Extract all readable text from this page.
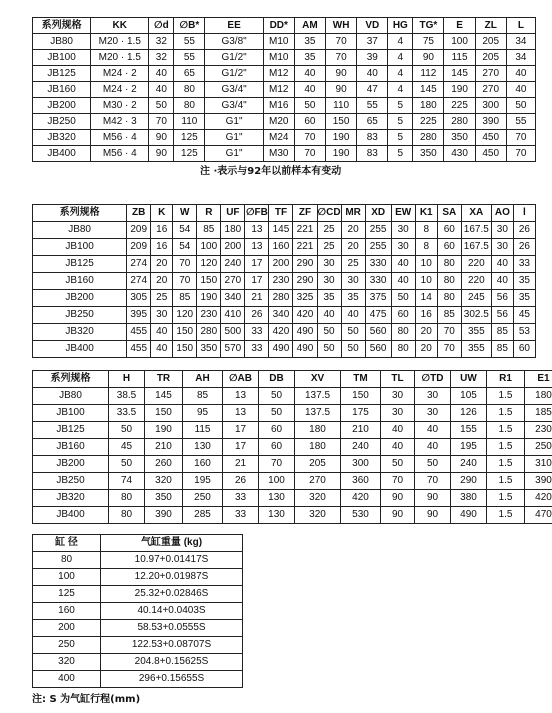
系列规格	KK	∅d	∅B*	EE	DD*	AM	WH	VD	HG	TG*	E	ZL	L
JB80	M20 · 1.5	32	55	G3/8"	M10	35	70	37	4	75	100	205	34
JB100	M20 · 1.5	32	55	G1/2"	M10	35	70	39	4	90	115	205	34
JB125	M24 · 2	40	65	G1/2"	M12	40	90	40	4	112	145	270	40
JB160	M24 · 2	40	80	G3/4"	M12	40	90	47	4	145	190	270	40
JB200	M30 · 2	50	80	G3/4"	M16	50	110	55	5	180	225	300	50
JB250	M42 · 3	70	110	G1"	M20	60	150	65	5	225	280	390	55
JB320	M56 · 4	90	125	G1"	M24	70	190	83	5	280	350	450	70
JB400	M56 · 4	90	125	G1"	M30	70	190	83	5	350	430	450	70
注 ·表示与92年以前样本有变动
系列规格	ZB	K	W	R	UF	∅FB	TF	ZF	∅CD	MR	XD	EW	K1	SA	XA	AO	l
JB80	209	16	54	85	180	13	145	221	25	20	255	30	8	60	167.5	30	26
JB100	209	16	54	100	200	13	160	221	25	20	255	30	8	60	167.5	30	26
JB125	274	20	70	120	240	17	200	290	30	25	330	40	10	80	220	40	33
JB160	274	20	70	150	270	17	230	290	30	30	330	40	10	80	220	40	35
JB200	305	25	85	190	340	21	280	325	35	35	375	50	14	80	245	56	35
JB250	395	30	120	230	410	26	340	420	40	40	475	60	16	85	302.5	56	45
JB320	455	40	150	280	500	33	420	490	50	50	560	80	20	70	355	85	53
JB400	455	40	150	350	570	33	490	490	50	50	560	80	20	70	355	85	60
系列规格	H	TR	AH	∅AB	DB	XV	TM	TL	∅TD	UW	R1	E1
JB80	38.5	145	85	13	50	137.5	150	30	30	105	1.5	180
JB100	33.5	150	95	13	50	137.5	175	30	30	126	1.5	185
JB125	50	190	115	17	60	180	210	40	40	155	1.5	230
JB160	45	210	130	17	60	180	240	40	40	195	1.5	250
JB200	50	260	160	21	70	205	300	50	50	240	1.5	310
JB250	74	320	195	26	100	270	360	70	70	290	1.5	390
JB320	80	350	250	33	130	320	420	90	90	380	1.5	420
JB400	80	390	285	33	130	320	530	90	90	490	1.5	470
缸 径	气缸重量 (kg)
80	10.97+0.01417S
100	12.20+0.01987S
125	25.32+0.02846S
160	40.14+0.0403S
200	58.53+0.0555S
250	122.53+0.08707S
320	204.8+0.15625S
400	296+0.15655S
注: S 为气缸行程(mm)
